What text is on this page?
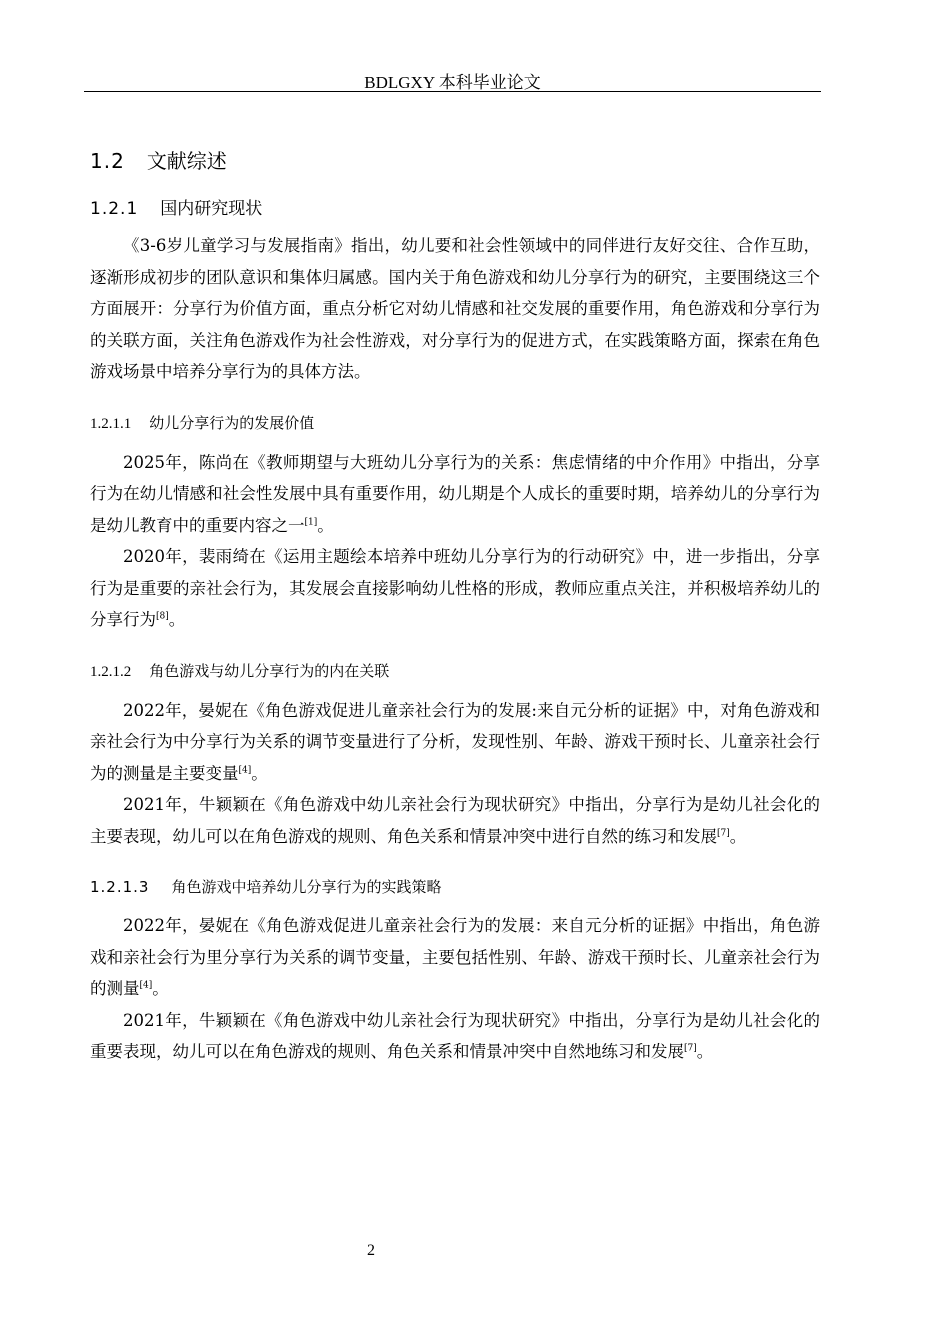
BDLGXY 本科毕业论文
1.2 文献综述
1.2.1 国内研究现状

《3-6岁儿童学习与发展指南》指出，幼儿要和社会性领域中的同伴进行友好交往、合作互助，逐渐形成初步的团队意识和集体归属感。国内关于角色游戏和幼儿分享行为的研究，主要围绕这三个方面展开：分享行为价值方面，重点分析它对幼儿情感和社交发展的重要作用，角色游戏和分享行为的关联方面，关注角色游戏作为社会性游戏，对分享行为的促进方式，在实践策略方面，探索在角色游戏场景中培养分享行为的具体方法。

1.2.1.1 幼儿分享行为的发展价值

2025年，陈尚在《教师期望与大班幼儿分享行为的关系：焦虑情绪的中介作用》中指出，分享行为在幼儿情感和社会性发展中具有重要作用，幼儿期是个人成长的重要时期，培养幼儿的分享行为是幼儿教育中的重要内容之一[1]。

2020年，裴雨绮在《运用主题绘本培养中班幼儿分享行为的行动研究》中，进一步指出，分享行为是重要的亲社会行为，其发展会直接影响幼儿性格的形成，教师应重点关注，并积极培养幼儿的分享行为[8]。

1.2.1.2 角色游戏与幼儿分享行为的内在关联

2022年，晏妮在《角色游戏促进儿童亲社会行为的发展:来自元分析的证据》中，对角色游戏和亲社会行为中分享行为关系的调节变量进行了分析，发现性别、年龄、游戏干预时长、儿童亲社会行为的测量是主要变量[4]。

2021年，牛颖颖在《角色游戏中幼儿亲社会行为现状研究》中指出，分享行为是幼儿社会化的主要表现，幼儿可以在角色游戏的规则、角色关系和情景冲突中进行自然的练习和发展[7]。

1.2.1.3 角色游戏中培养幼儿分享行为的实践策略

2022年，晏妮在《角色游戏促进儿童亲社会行为的发展：来自元分析的证据》中指出，角色游戏和亲社会行为里分享行为关系的调节变量，主要包括性别、年龄、游戏干预时长、儿童亲社会行为的测量[4]。

2021年，牛颖颖在《角色游戏中幼儿亲社会行为现状研究》中指出，分享行为是幼儿社会化的重要表现，幼儿可以在角色游戏的规则、角色关系和情景冲突中自然地练习和发展[7]。

2
